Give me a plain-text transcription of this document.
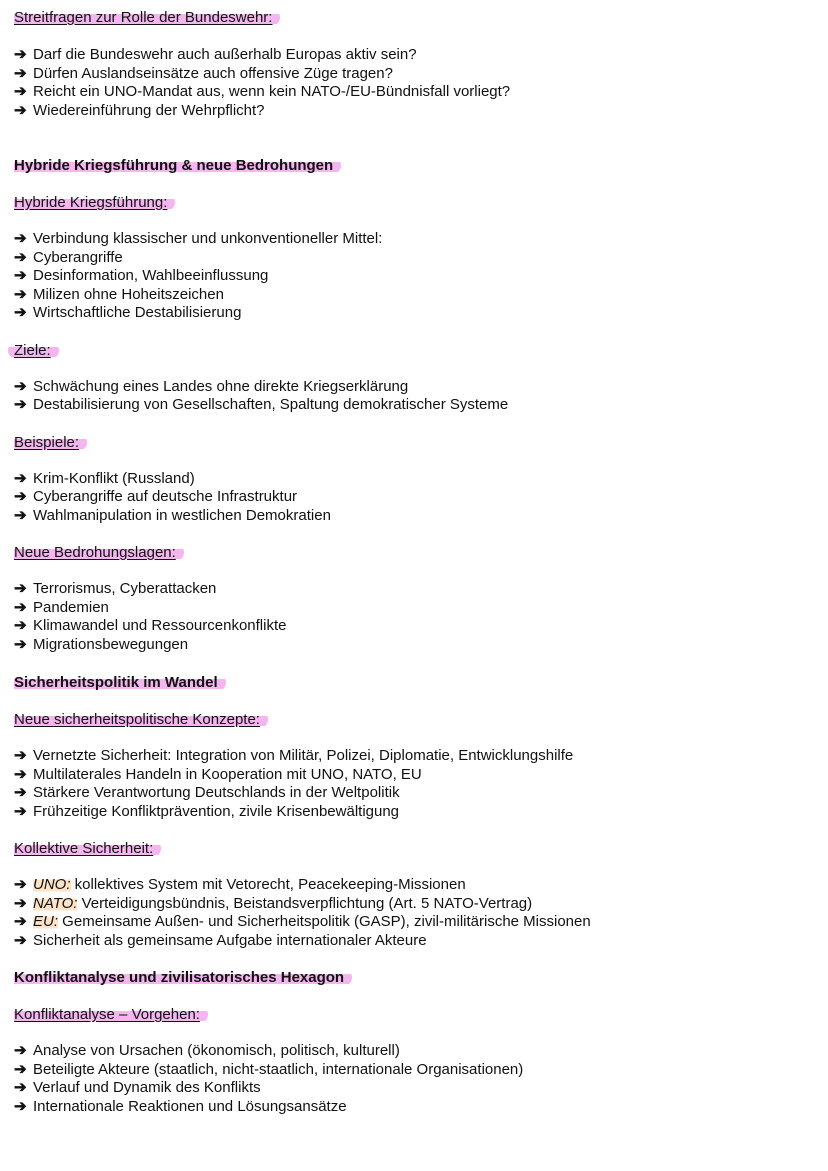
Streitfragen zur Rolle der Bundeswehr:
➔ Darf die Bundeswehr auch außerhalb Europas aktiv sein?
➔ Dürfen Auslandseinsätze auch offensive Züge tragen?
➔ Reicht ein UNO-Mandat aus, wenn kein NATO-/EU-Bündnisfall vorliegt?
➔ Wiedereinführung der Wehrpflicht?
Hybride Kriegsführung & neue Bedrohungen
Hybride Kriegsführung:
➔ Verbindung klassischer und unkonventioneller Mittel:
➔ Cyberangriffe
➔ Desinformation, Wahlbeeinflussung
➔ Milizen ohne Hoheitszeichen
➔ Wirtschaftliche Destabilisierung
Ziele:
➔ Schwächung eines Landes ohne direkte Kriegserklärung
➔ Destabilisierung von Gesellschaften, Spaltung demokratischer Systeme
Beispiele:
➔ Krim-Konflikt (Russland)
➔ Cyberangriffe auf deutsche Infrastruktur
➔ Wahlmanipulation in westlichen Demokratien
Neue Bedrohungslagen:
➔ Terrorismus, Cyberattacken
➔ Pandemien
➔ Klimawandel und Ressourcenkonflikte
➔ Migrationsbewegungen
Sicherheitspolitik im Wandel
Neue sicherheitspolitische Konzepte:
➔ Vernetzte Sicherheit: Integration von Militär, Polizei, Diplomatie, Entwicklungshilfe
➔ Multilaterales Handeln in Kooperation mit UNO, NATO, EU
➔ Stärkere Verantwortung Deutschlands in der Weltpolitik
➔ Frühzeitige Konfliktprävention, zivile Krisenbewältigung
Kollektive Sicherheit:
➔ UNO: kollektives System mit Vetorecht, Peacekeeping-Missionen
➔ NATO: Verteidigungsbündnis, Beistandsverpflichtung (Art. 5 NATO-Vertrag)
➔ EU: Gemeinsame Außen- und Sicherheitspolitik (GASP), zivil-militärische Missionen
➔ Sicherheit als gemeinsame Aufgabe internationaler Akteure
Konfliktanalyse und zivilisatorisches Hexagon
Konfliktanalyse – Vorgehen:
➔ Analyse von Ursachen (ökonomisch, politisch, kulturell)
➔ Beteiligte Akteure (staatlich, nicht-staatlich, internationale Organisationen)
➔ Verlauf und Dynamik des Konflikts
➔ Internationale Reaktionen und Lösungsansätze
